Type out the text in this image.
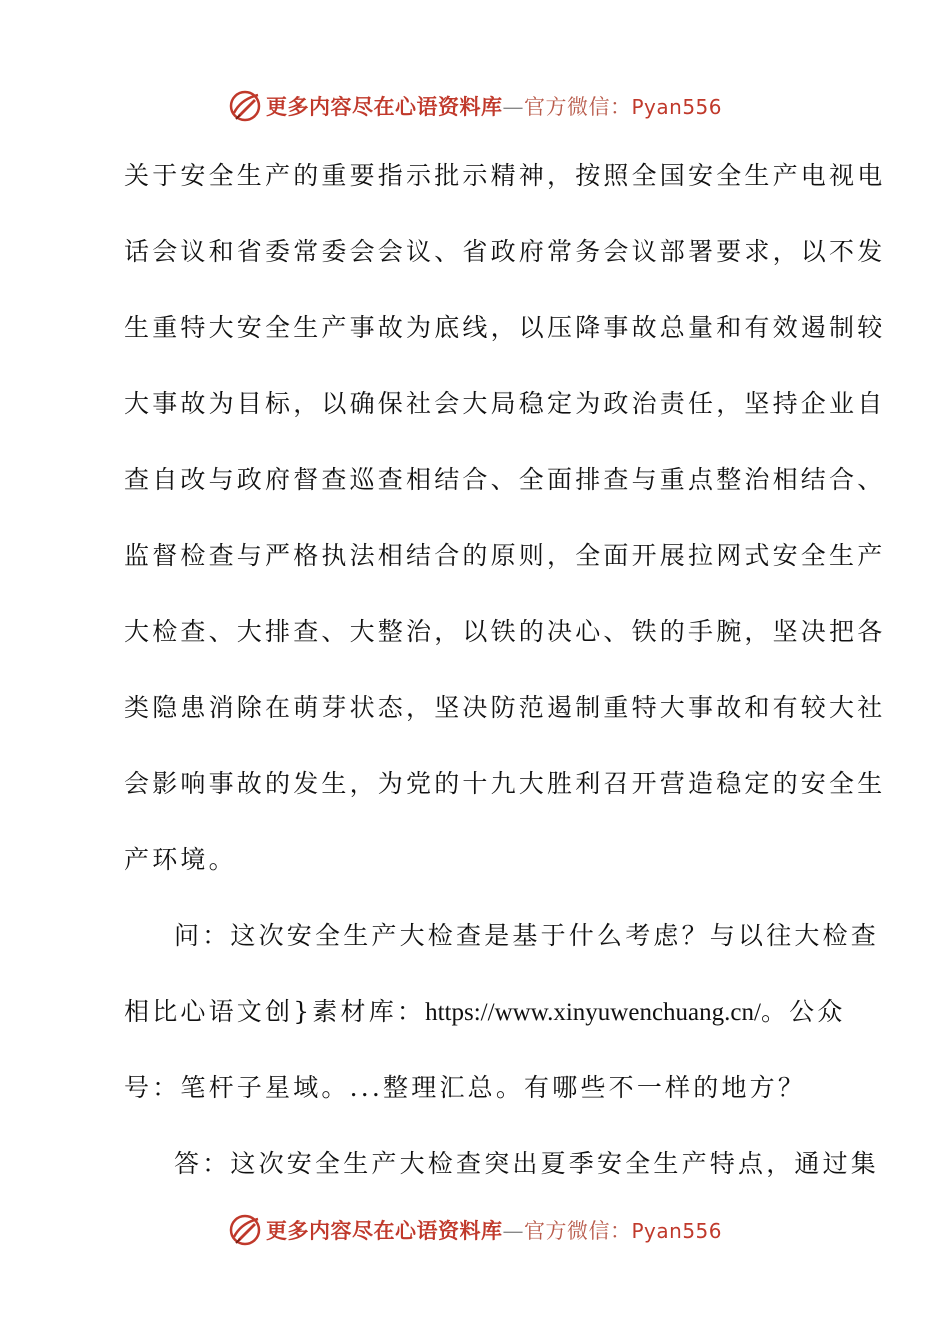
更多内容尽在心语资料库—官方微信：Pyan556
关于安全生产的重要指示批示精神，按照全国安全生产电视电
话会议和省委常委会会议、省政府常务会议部署要求，以不发
生重特大安全生产事故为底线，以压降事故总量和有效遏制较
大事故为目标，以确保社会大局稳定为政治责任，坚持企业自
查自改与政府督查巡查相结合、全面排查与重点整治相结合、
监督检查与严格执法相结合的原则，全面开展拉网式安全生产
大检查、大排查、大整治，以铁的决心、铁的手腕，坚决把各
类隐患消除在萌芽状态，坚决防范遏制重特大事故和有较大社
会影响事故的发生，为党的十九大胜利召开营造稳定的安全生
产环境。
问：这次安全生产大检查是基于什么考虑？与以往大检查
相比心语文创}素材库：https://www.xinyuwenchuang.cn/。公众
号：笔杆子星域。...整理汇总。有哪些不一样的地方？
答：这次安全生产大检查突出夏季安全生产特点，通过集
更多内容尽在心语资料库—官方微信：Pyan556
